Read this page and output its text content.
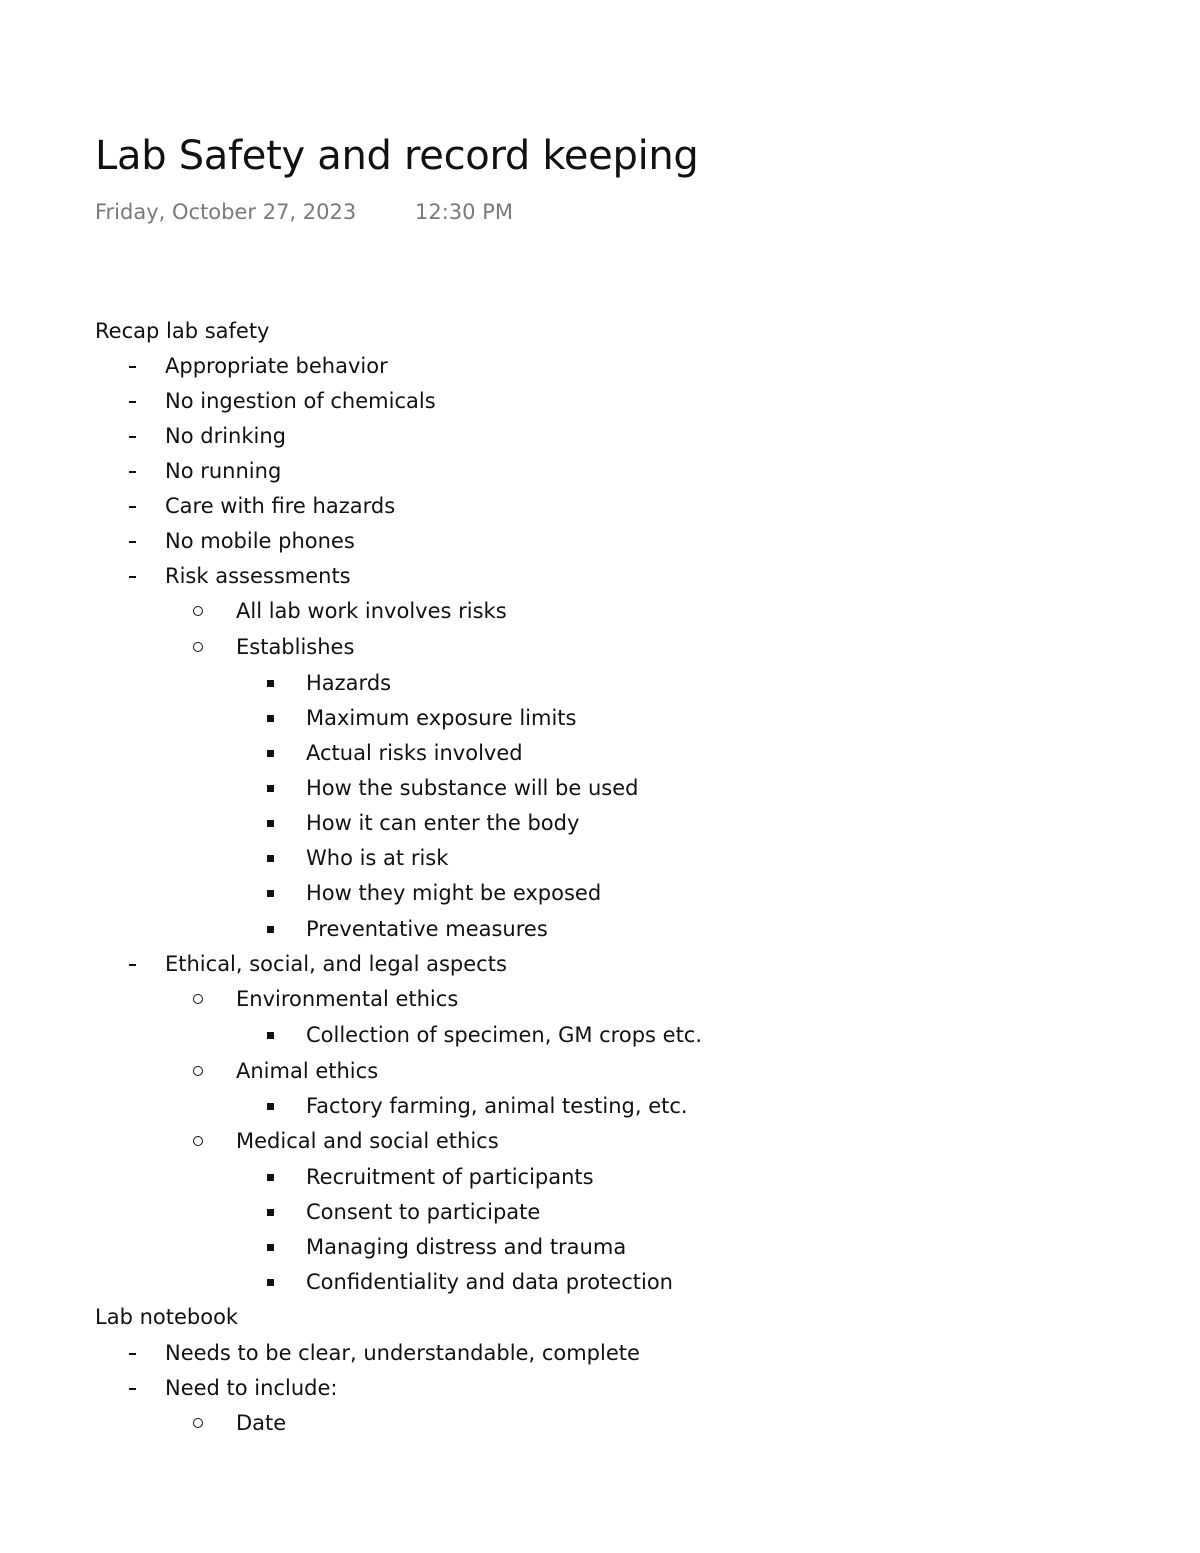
Lab Safety and record keeping
Friday, October 27, 2023	12:30 PM
Recap lab safety
Appropriate behavior
No ingestion of chemicals
No drinking
No running
Care with fire hazards
No mobile phones
Risk assessments
All lab work involves risks
Establishes
Hazards
Maximum exposure limits
Actual risks involved
How the substance will be used
How it can enter the body
Who is at risk
How they might be exposed
Preventative measures
Ethical, social, and legal aspects
Environmental ethics
Collection of specimen, GM crops etc.
Animal ethics
Factory farming, animal testing, etc.
Medical and social ethics
Recruitment of participants
Consent to participate
Managing distress and trauma
Confidentiality and data protection
Lab notebook
Needs to be clear, understandable, complete
Need to include:
Date
